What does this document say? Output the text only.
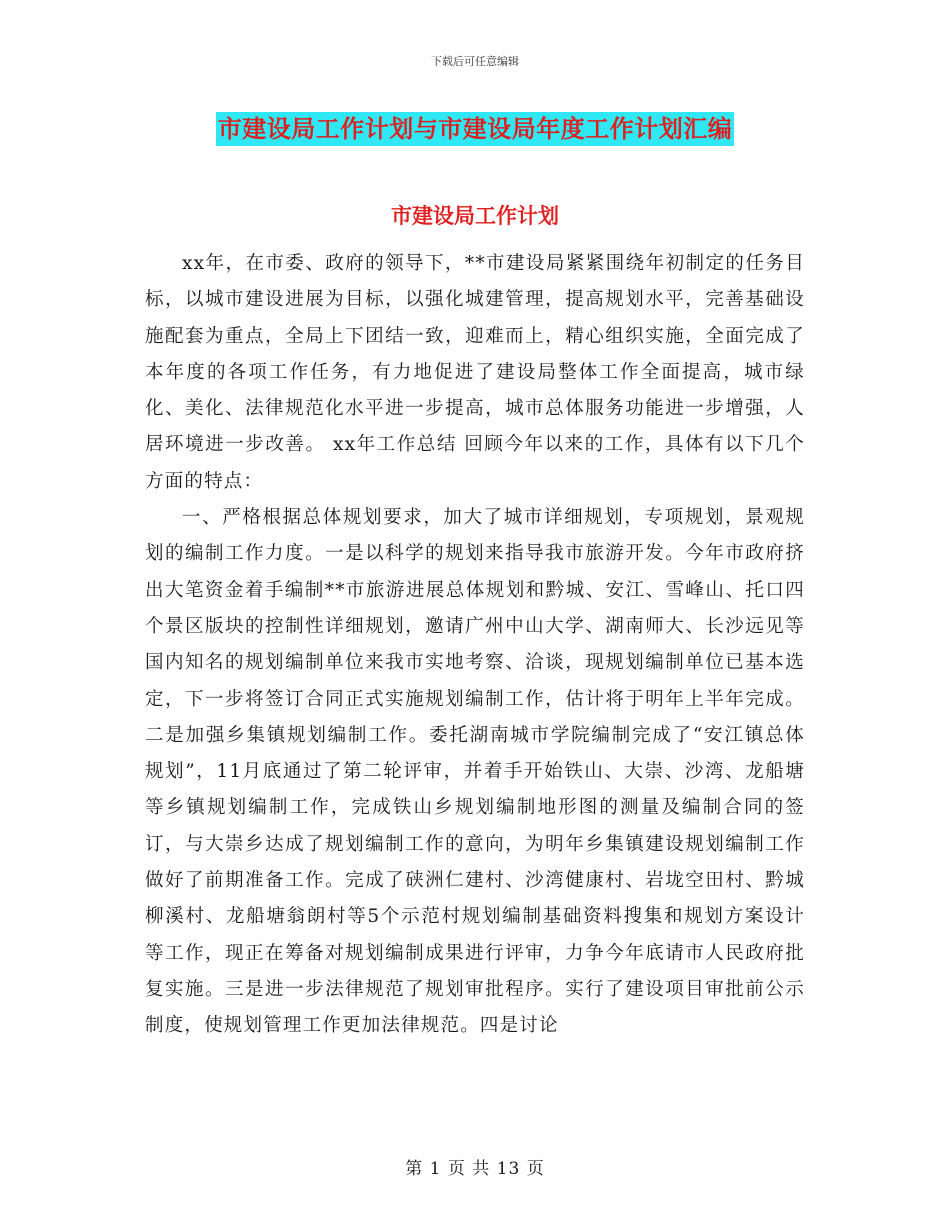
下载后可任意编辑
市建设局工作计划与市建设局年度工作计划汇编
市建设局工作计划

xx年，在市委、政府的领导下，**市建设局紧紧围绕年初制定的任务目标，以城市建设进展为目标，以强化城建管理，提高规划水平，完善基础设施配套为重点，全局上下团结一致，迎难而上，精心组织实施，全面完成了本年度的各项工作任务，有力地促进了建设局整体工作全面提高，城市绿化、美化、法律规范化水平进一步提高，城市总体服务功能进一步增强，人居环境进一步改善。 xx年工作总结 回顾今年以来的工作，具体有以下几个方面的特点：

一、严格根据总体规划要求，加大了城市详细规划，专项规划，景观规划的编制工作力度。一是以科学的规划来指导我市旅游开发。今年市政府挤出大笔资金着手编制**市旅游进展总体规划和黔城、安江、雪峰山、托口四个景区版块的控制性详细规划，邀请广州中山大学、湖南师大、长沙远见等国内知名的规划编制单位来我市实地考察、洽谈，现规划编制单位已基本选定，下一步将签订合同正式实施规划编制工作，估计将于明年上半年完成。二是加强乡集镇规划编制工作。委托湖南城市学院编制完成了“安江镇总体规划”，11月底通过了第二轮评审，并着手开始铁山、大崇、沙湾、龙船塘等乡镇规划编制工作，完成铁山乡规划编制地形图的测量及编制合同的签订，与大崇乡达成了规划编制工作的意向，为明年乡集镇建设规划编制工作做好了前期准备工作。完成了硖洲仁建村、沙湾健康村、岩垅空田村、黔城柳溪村、龙船塘翁朗村等5个示范村规划编制基础资料搜集和规划方案设计等工作，现正在筹备对规划编制成果进行评审，力争今年底请市人民政府批复实施。三是进一步法律规范了规划审批程序。实行了建设项目审批前公示制度，使规划管理工作更加法律规范。四是讨论

第 1 页 共 13 页
